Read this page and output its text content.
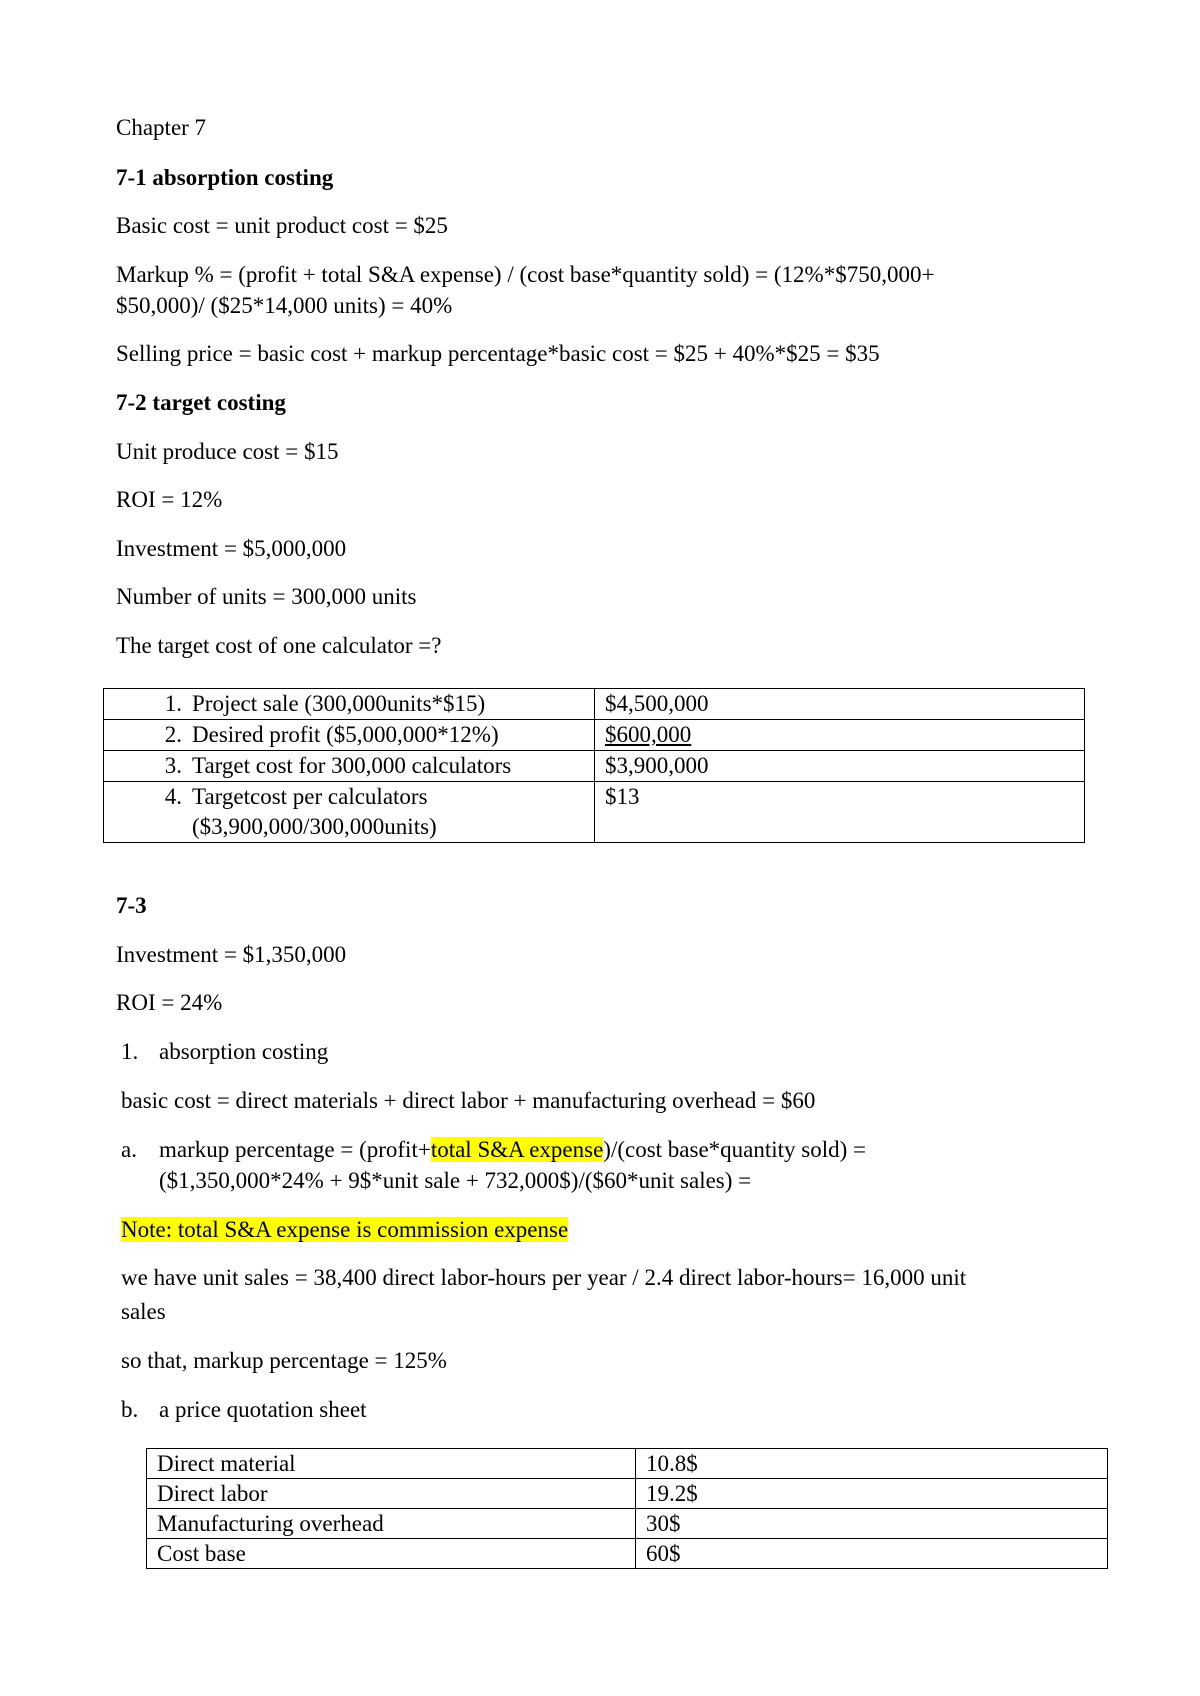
Chapter 7
7-1 absorption costing
Basic cost = unit product cost = $25
Markup % = (profit + total S&A expense) / (cost base*quantity sold) = (12%*$750,000+
$50,000)/ ($25*14,000 units) = 40%
Selling price = basic cost + markup percentage*basic cost = $25 + 40%*$25 = $35
7-2 target costing
Unit produce cost = $15
ROI = 12%
Investment = $5,000,000
Number of units = 300,000 units
The target cost of one calculator =?
1. Project sale (300,000units*$15)	$4,500,000

2. Desired profit ($5,000,000*12%)	$600,000

3. Target cost for 300,000 calculators	$3,900,000

4. Targetcost per calculators
($3,900,000/300,000units)	$13
7-3
Investment = $1,350,000
ROI = 24%
1. absorption costing
basic cost = direct materials + direct labor + manufacturing overhead = $60
a. markup percentage = (profit+total S&A expense)/(cost base*quantity sold) =
($1,350,000*24% + 9$*unit sale + 732,000$)/($60*unit sales) =
Note: total S&A expense is commission expense
we have unit sales = 38,400 direct labor-hours per year / 2.4 direct labor-hours= 16,000 unit
sales
so that, markup percentage = 125%
b. a price quotation sheet
Direct material	10.8$
Direct labor	19.2$
Manufacturing overhead	30$
Cost base	60$
